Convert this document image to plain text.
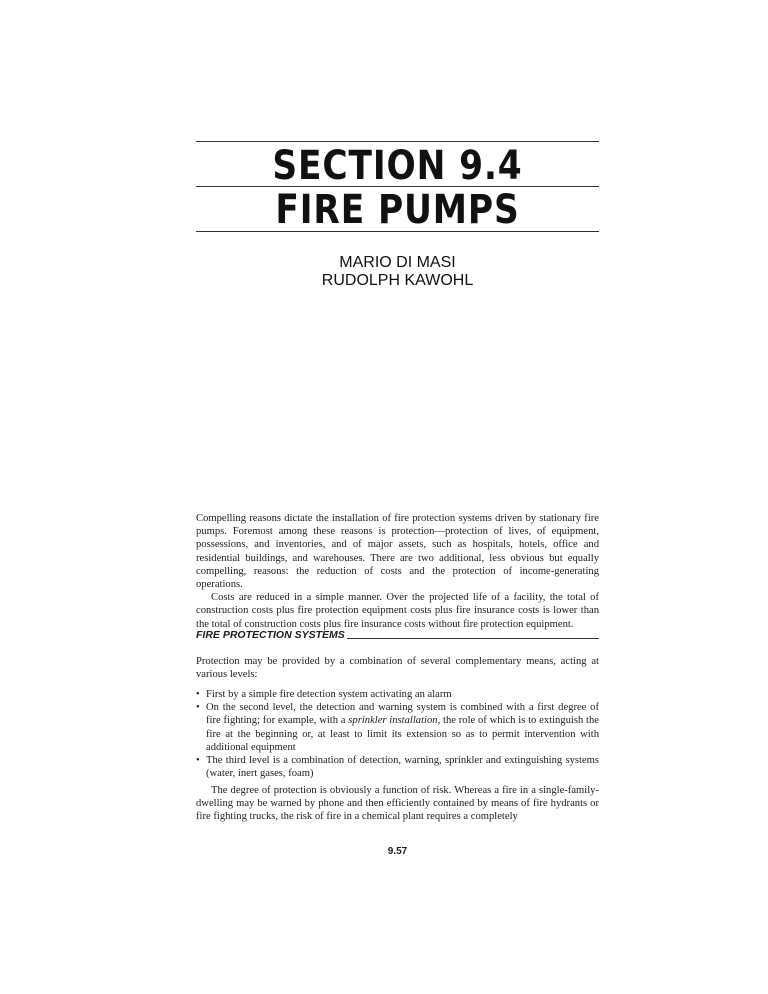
SECTION 9.4
FIRE PUMPS
MARIO DI MASI
RUDOLPH KAWOHL

Compelling reasons dictate the installation of fire protection systems driven by stationary fire pumps. Foremost among these reasons is protection—protection of lives, of equipment, possessions, and inventories, and of major assets, such as hospitals, hotels, office and residential buildings, and warehouses. There are two additional, less obvious but equally compelling, reasons: the reduction of costs and the protection of income-generating operations.

Costs are reduced in a simple manner. Over the projected life of a facility, the total of construction costs plus fire protection equipment costs plus fire insurance costs is lower than the total of construction costs plus fire insurance costs without fire protection equipment.

FIRE PROTECTION SYSTEMS
Protection may be provided by a combination of several complementary means, acting at various levels:
• First by a simple fire detection system activating an alarm
• On the second level, the detection and warning system is combined with a first degree of fire fighting; for example, with a sprinkler installation, the role of which is to extinguish the fire at the beginning or, at least to limit its extension so as to permit intervention with additional equipment
• The third level is a combination of detection, warning, sprinkler and extinguishing systems (water, inert gases, foam)

The degree of protection is obviously a function of risk. Whereas a fire in a single-family-dwelling may be warned by phone and then efficiently contained by means of fire hydrants or fire fighting trucks, the risk of fire in a chemical plant requires a completely

9.57
